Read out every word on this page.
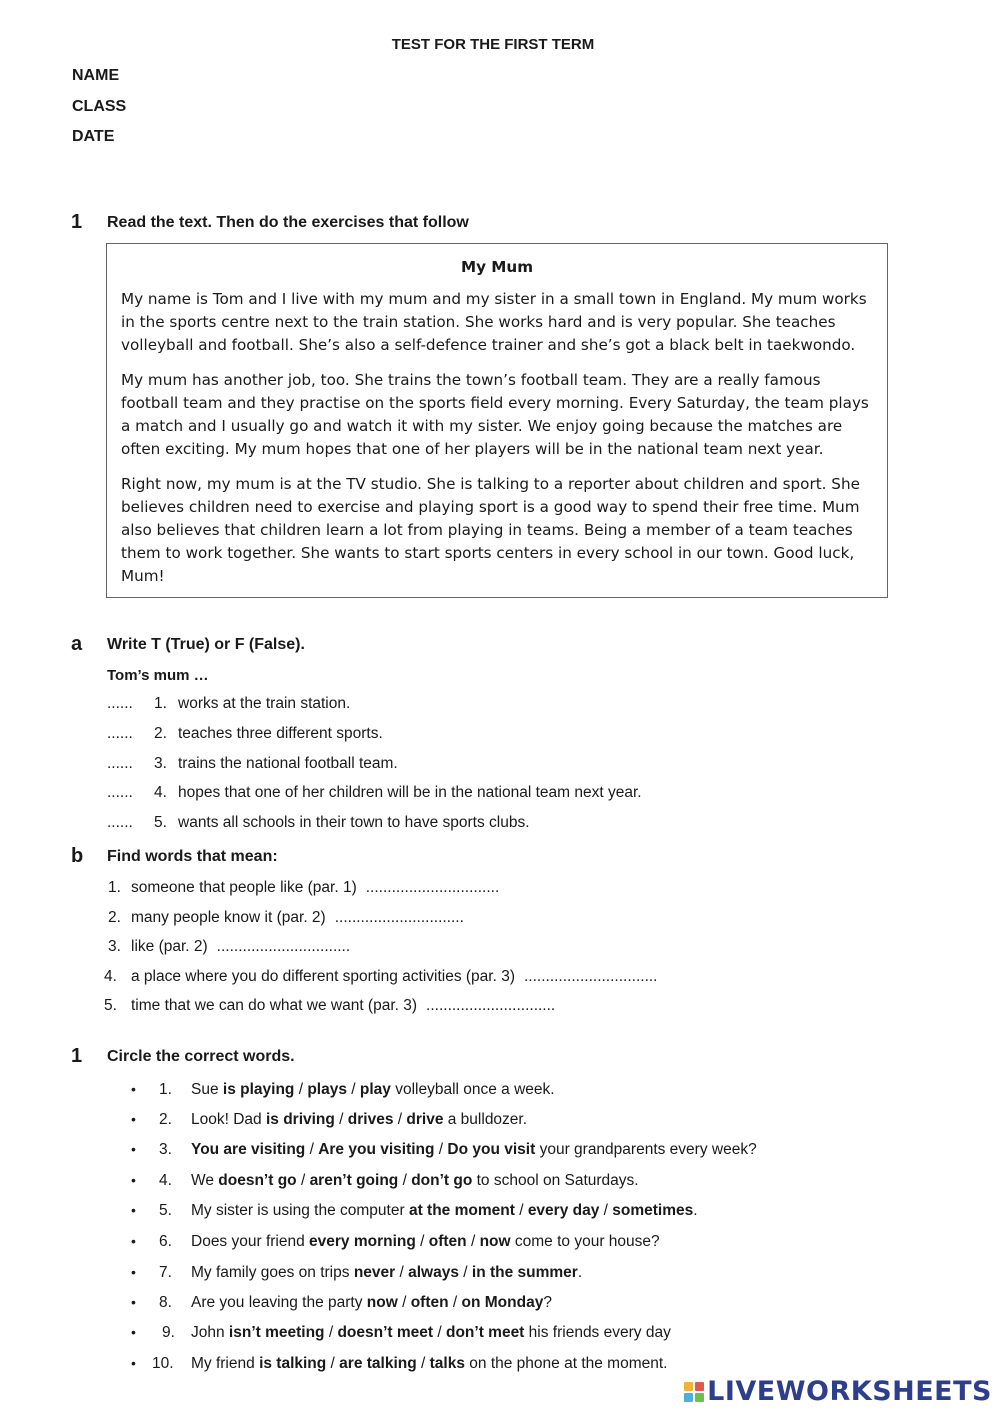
TEST FOR THE FIRST TERM
NAME
CLASS
DATE
1 Read the text. Then do the exercises that follow
My Mum

My name is Tom and I live with my mum and my sister in a small town in England. My mum works in the sports centre next to the train station. She works hard and is very popular. She teaches volleyball and football. She’s also a self-defence trainer and she’s got a black belt in taekwondo.

My mum has another job, too. She trains the town’s football team. They are a really famous football team and they practise on the sports field every morning. Every Saturday, the team plays a match and I usually go and watch it with my sister. We enjoy going because the matches are often exciting. My mum hopes that one of her players will be in the national team next year.

Right now, my mum is at the TV studio. She is talking to a reporter about children and sport. She believes children need to exercise and playing sport is a good way to spend their free time. Mum also believes that children learn a lot from playing in teams. Being a member of a team teaches them to work together. She wants to start sports centers in every school in our town. Good luck, Mum!

a Write T (True) or F (False).
Tom’s mum …
...... 1. works at the train station.
...... 2. teaches three different sports.
...... 3. trains the national football team.
...... 4. hopes that one of her children will be in the national team next year.
...... 5. wants all schools in their town to have sports clubs.
b Find words that mean:
1. someone that people like (par. 1) ...............................
2. many people know it (par. 2) ..............................
3. like (par. 2) ...............................
4. a place where you do different sporting activities (par. 3) ...............................
5. time that we can do what we want (par. 3) ..............................
1 Circle the correct words.
• 1. Sue is playing / plays / play volleyball once a week.
• 2. Look! Dad is driving / drives / drive a bulldozer.
• 3. You are visiting / Are you visiting / Do you visit your grandparents every week?
• 4. We doesn’t go / aren’t going / don’t go to school on Saturdays.
• 5. My sister is using the computer at the moment / every day / sometimes.
• 6. Does your friend every morning / often / now come to your house?
• 7. My family goes on trips never / always / in the summer.
• 8. Are you leaving the party now / often / on Monday?
• 9. John isn’t meeting / doesn’t meet / don’t meet his friends every day
• 10. My friend is talking / are talking / talks on the phone at the moment.
LIVEWORKSHEETS
